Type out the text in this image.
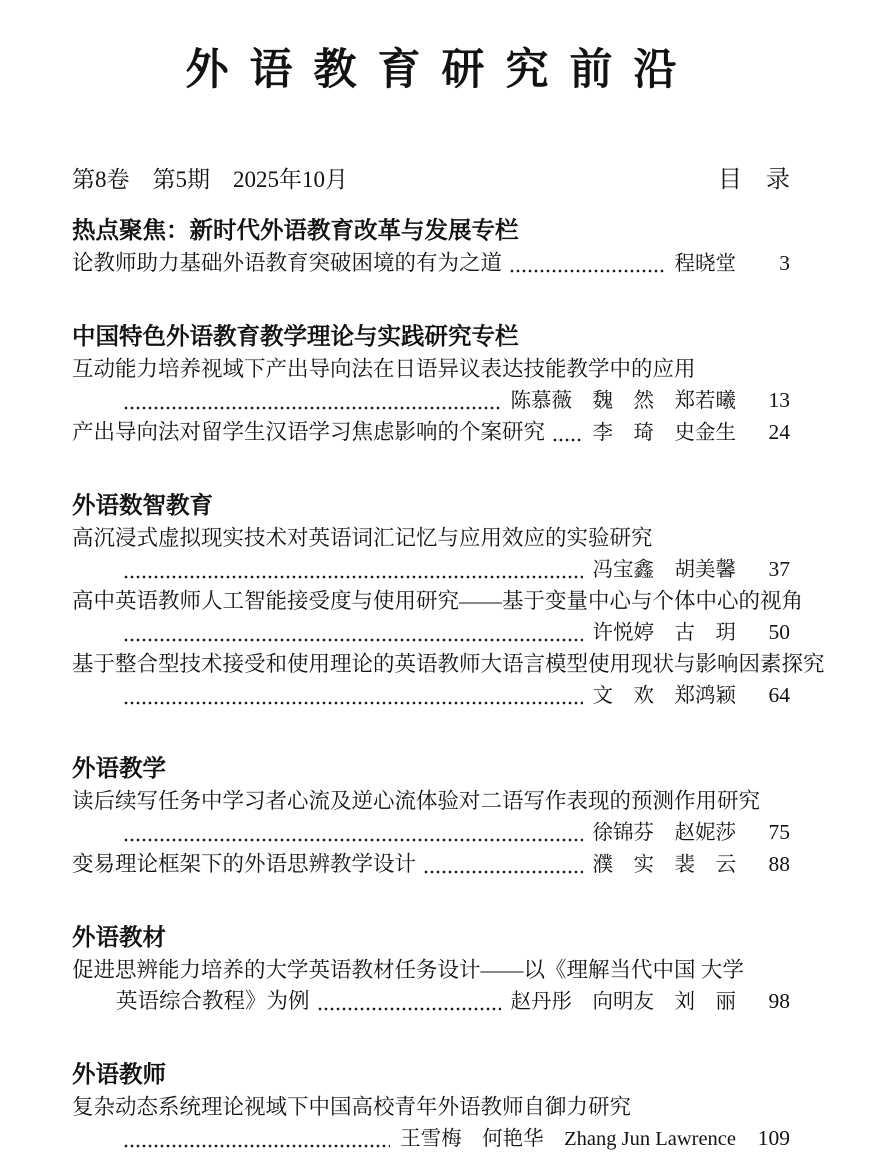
外语教育研究前沿
第8卷　第5期　2025年10月	目　录
热点聚焦：新时代外语教育改革与发展专栏
论教师助力基础外语教育突破困境的有为之道	程晓堂	3
中国特色外语教育教学理论与实践研究专栏
互动能力培养视域下产出导向法在日语异议表达技能教学中的应用
陈慕薇　魏　然　郑若曦	13
产出导向法对留学生汉语学习焦虑影响的个案研究 李　琦　史金生	24
外语数智教育
高沉浸式虚拟现实技术对英语词汇记忆与应用效应的实验研究
冯宝鑫　胡美馨	37
高中英语教师人工智能接受度与使用研究——基于变量中心与个体中心的视角
许悦婷　古　玥	50
基于整合型技术接受和使用理论的英语教师大语言模型使用现状与影响因素探究
文　欢　郑鸿颖	64
外语教学
读后续写任务中学习者心流及逆心流体验对二语写作表现的预测作用研究
徐锦芬　赵妮莎	75
变易理论框架下的外语思辨教学设计	濮　实　裴　云	88
外语教材
促进思辨能力培养的大学英语教材任务设计——以《理解当代中国 大学
英语综合教程》为例	赵丹彤　向明友　刘　丽	98
外语教师
复杂动态系统理论视域下中国高校青年外语教师自御力研究
王雪梅　何艳华　Zhang Jun Lawrence	109
